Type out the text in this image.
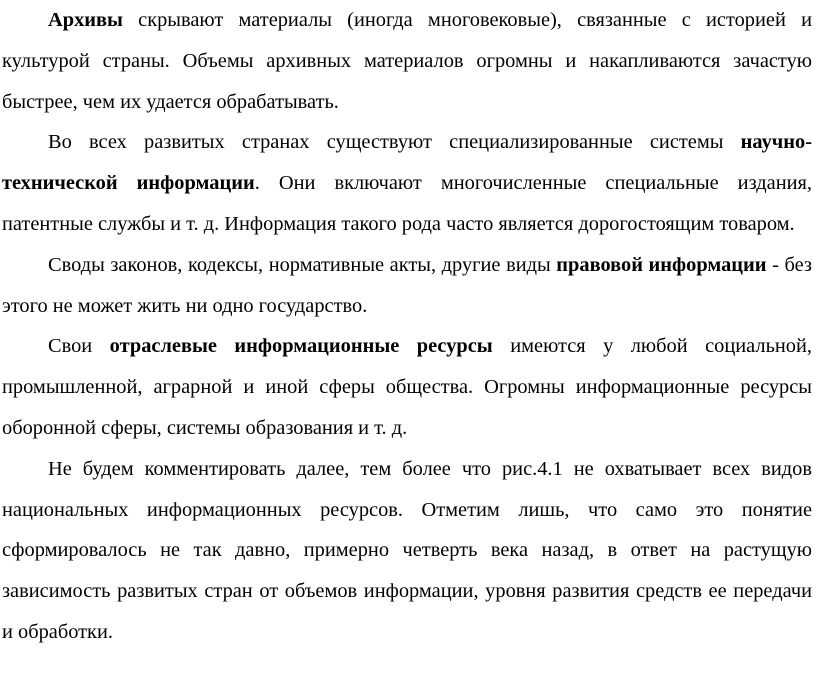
Архивы скрывают материалы (иногда многовековые), связанные с историей и культурой страны. Объемы архивных материалов огромны и накапливаются зачастую быстрее, чем их удается обрабатывать.

Во всех развитых странах существуют специализированные системы научно-технической информации. Они включают многочисленные специальные издания, патентные службы и т. д. Информация такого рода часто является дорогостоящим товаром.

Своды законов, кодексы, нормативные акты, другие виды правовой информации - без этого не может жить ни одно государство.

Свои отраслевые информационные ресурсы имеются у любой социальной, промышленной, аграрной и иной сферы общества. Огромны информационные ресурсы оборонной сферы, системы образования и т. д.

Не будем комментировать далее, тем более что рис.4.1 не охватывает всех видов национальных информационных ресурсов. Отметим лишь, что само это понятие сформировалось не так давно, примерно четверть века назад, в ответ на растущую зависимость развитых стран от объемов информации, уровня развития средств ее передачи и обработки.
